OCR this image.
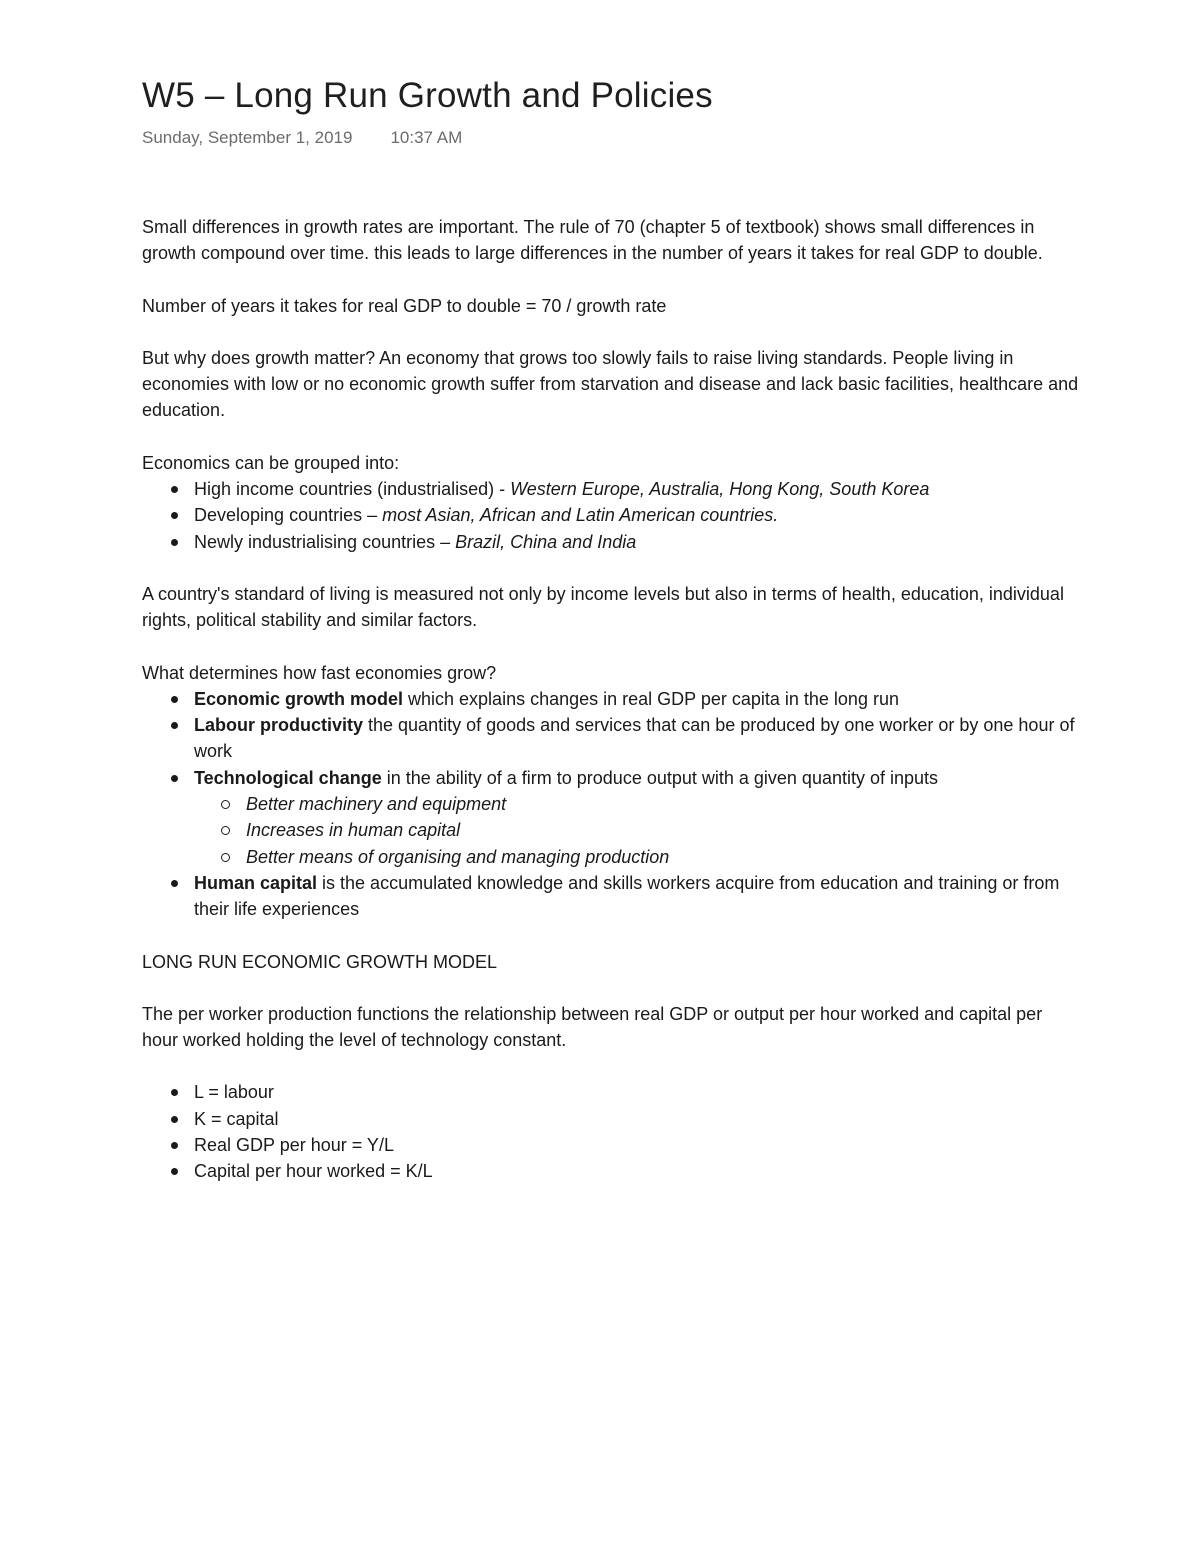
W5 – Long Run Growth and Policies
Sunday, September 1, 2019 10:37 AM

Small differences in growth rates are important. The rule of 70 (chapter 5 of textbook) shows small differences in growth compound over time. this leads to large differences in the number of years it takes for real GDP to double.

Number of years it takes for real GDP to double = 70 / growth rate

But why does growth matter? An economy that grows too slowly fails to raise living standards. People living in economies with low or no economic growth suffer from starvation and disease and lack basic facilities, healthcare and education.

Economics can be grouped into:

High income countries (industrialised) - Western Europe, Australia, Hong Kong, South Korea
Developing countries – most Asian, African and Latin American countries.
Newly industrialising countries – Brazil, China and India

A country's standard of living is measured not only by income levels but also in terms of health, education, individual rights, political stability and similar factors.

What determines how fast economies grow?

Economic growth model which explains changes in real GDP per capita in the long run
Labour productivity the quantity of goods and services that can be produced by one worker or by one hour of work
Technological change in the ability of a firm to produce output with a given quantity of inputs
Better machinery and equipment
Increases in human capital
Better means of organising and managing production
Human capital is the accumulated knowledge and skills workers acquire from education and training or from their life experiences

LONG RUN ECONOMIC GROWTH MODEL

The per worker production functions the relationship between real GDP or output per hour worked and capital per hour worked holding the level of technology constant.

L = labour
K = capital
Real GDP per hour = Y/L
Capital per hour worked = K/L
